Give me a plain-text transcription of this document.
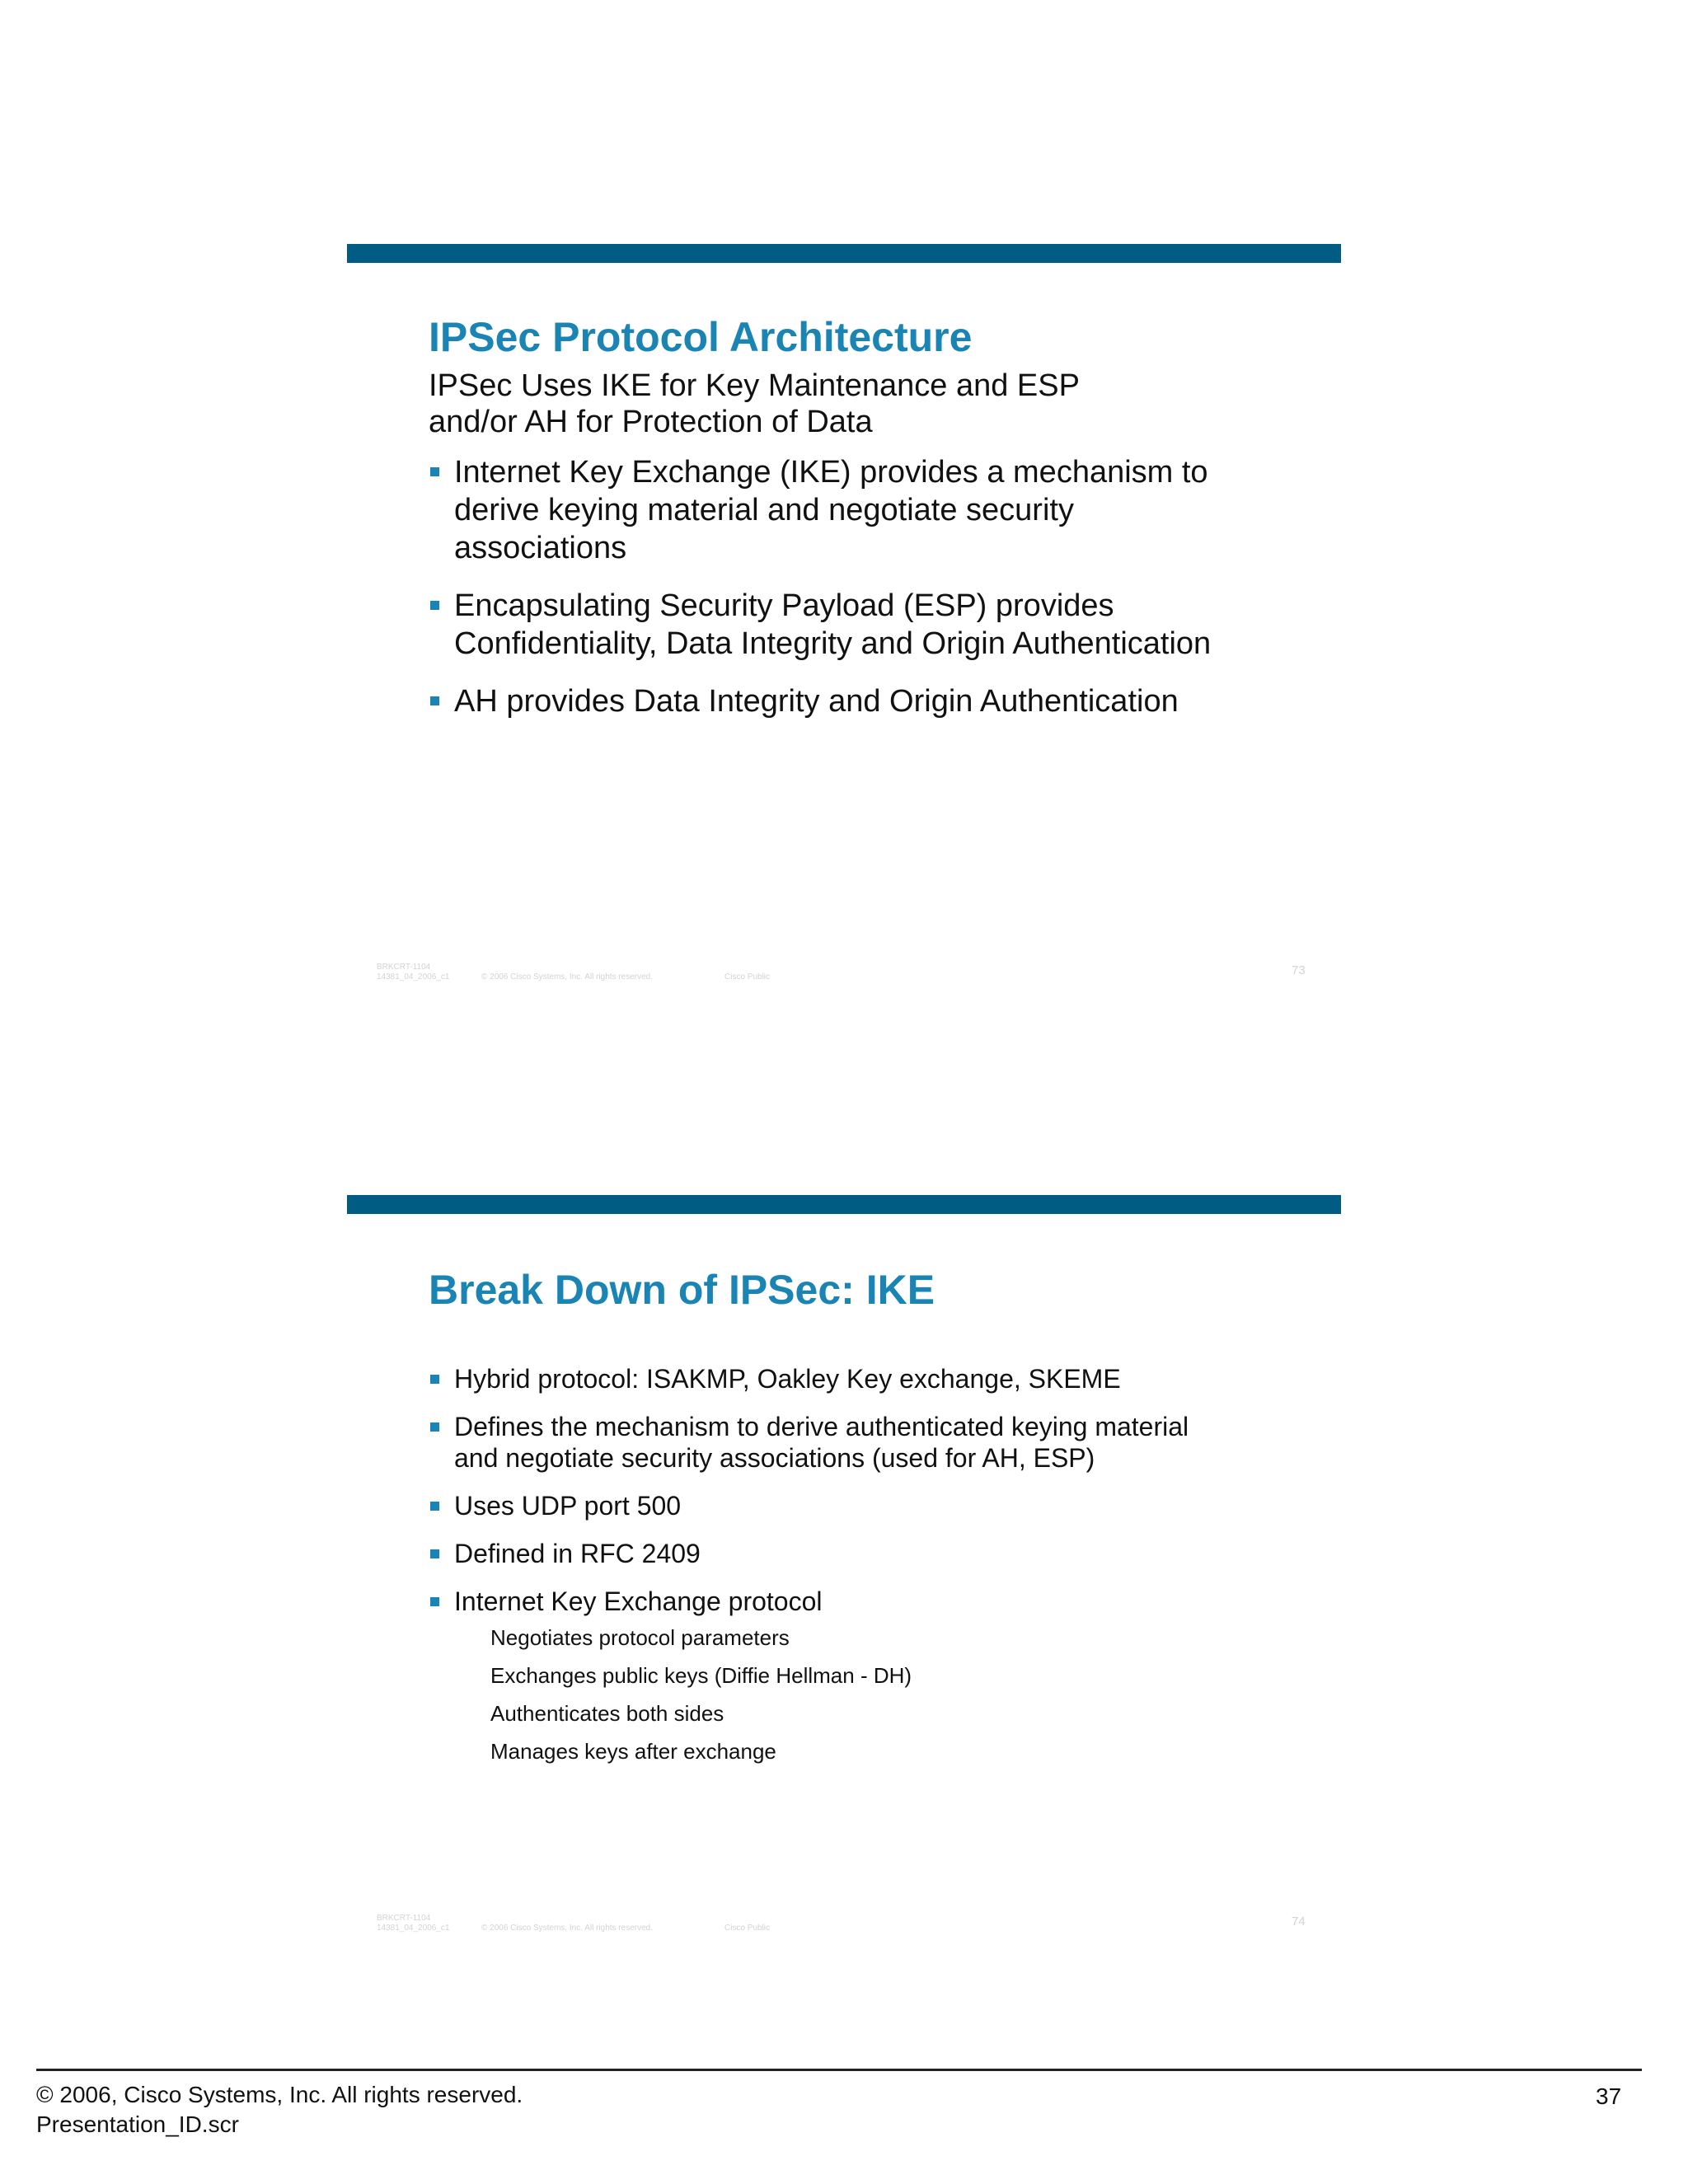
IPSec Protocol Architecture
IPSec Uses IKE for Key Maintenance and ESP
and/or AH for Protection of Data
Internet Key Exchange (IKE) provides a mechanism to
derive keying material and negotiate security
associations
Encapsulating Security Payload (ESP) provides
Confidentiality, Data Integrity and Origin Authentication
AH provides Data Integrity and Origin Authentication
BRKCRT-1104
14381_04_2006_c1	© 2006 Cisco Systems, Inc. All rights reserved.	Cisco Public	73
Break Down of IPSec: IKE
Hybrid protocol: ISAKMP, Oakley Key exchange, SKEME
Defines the mechanism to derive authenticated keying material
and negotiate security associations (used for AH, ESP)
Uses UDP port 500
Defined in RFC 2409
Internet Key Exchange protocol
Negotiates protocol parameters
Exchanges public keys (Diffie Hellman - DH)
Authenticates both sides
Manages keys after exchange
BRKCRT-1104
14381_04_2006_c1	© 2006 Cisco Systems, Inc. All rights reserved.	Cisco Public	74
© 2006, Cisco Systems, Inc. All rights reserved.
Presentation_ID.scr
37
